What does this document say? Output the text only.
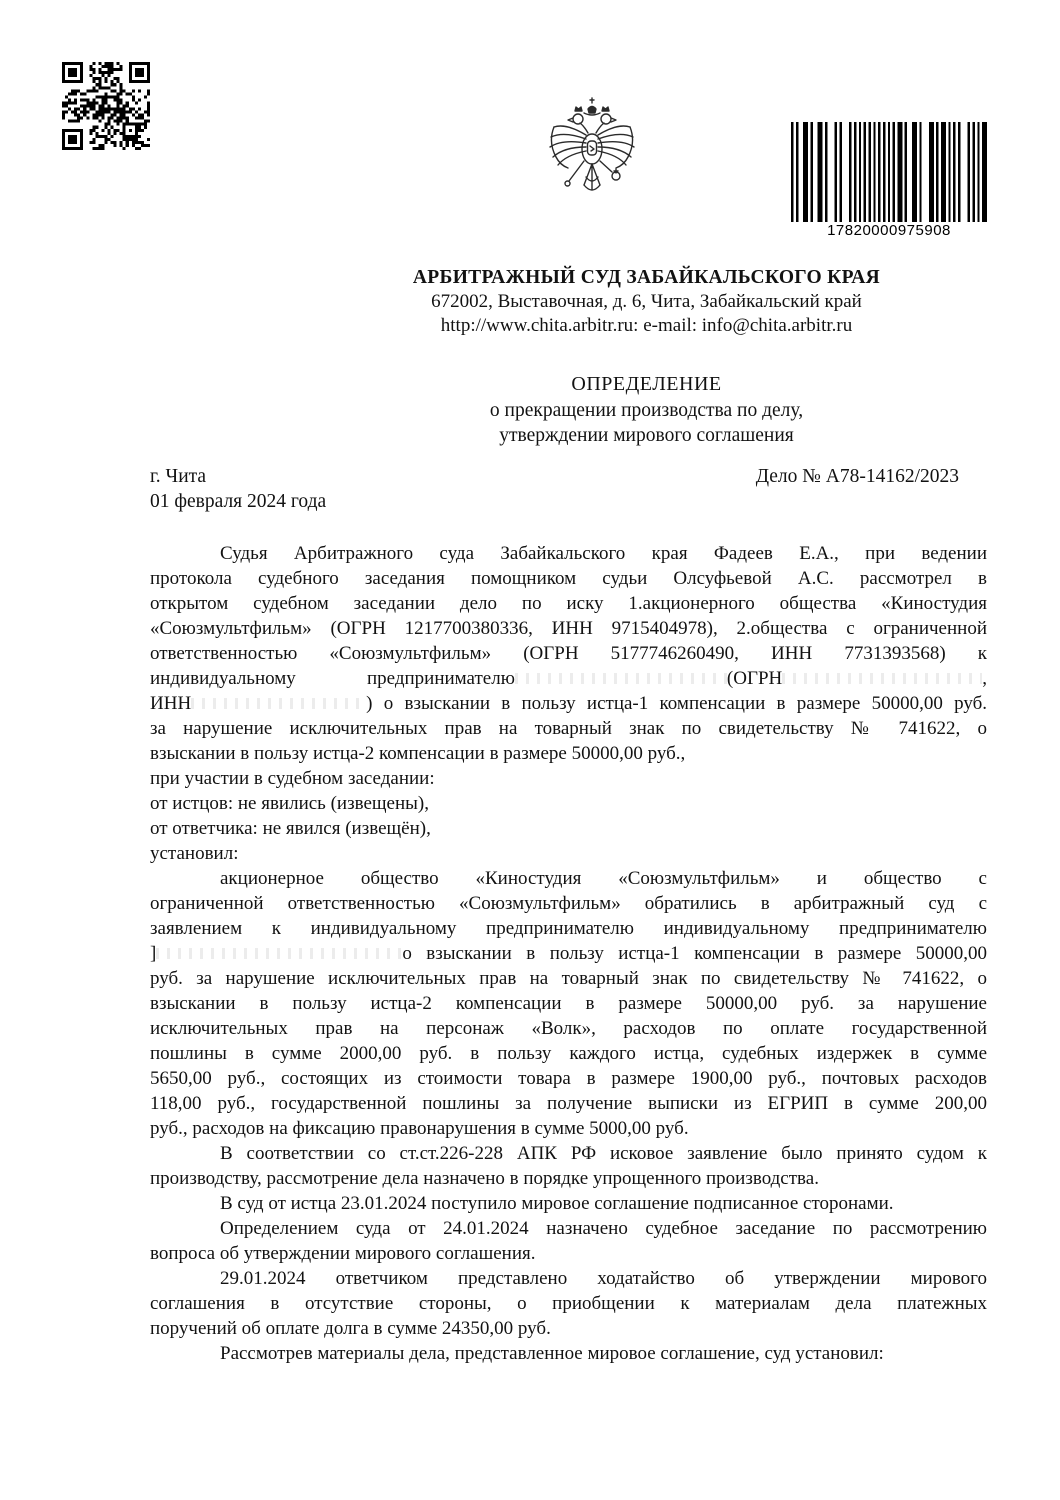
17820000975908
АРБИТРАЖНЫЙ СУД ЗАБАЙКАЛЬСКОГО КРАЯ
672002, Выставочная, д. 6, Чита, Забайкальский край
http://www.chita.arbitr.ru: e-mail: info@chita.arbitr.ru
ОПРЕДЕЛЕНИЕ
о прекращении производства по делу,
утверждении мирового соглашения
г. Чита	Дело № А78-14162/2023
01 февраля 2024 года
Судья Арбитражного суда Забайкальского края Фадеев Е.А., при ведении
протокола судебного заседания помощником судьи Олсуфьевой А.С. рассмотрел в
открытом судебном заседании дело по иску 1.акционерного общества «Киностудия
«Союзмультфильм» (ОГРН 1217700380336, ИНН 9715404978), 2.общества с ограниченной
ответственностью «Союзмультфильм» (ОГРН 5177746260490, ИНН 7731393568) к
индивидуальному предпринимателю	(ОГРН	,
ИНН	) о взыскании в пользу истца-1 компенсации в размере 50000,00 руб.
за нарушение исключительных прав на товарный знак по свидетельству № 741622, о
взыскании в пользу истца-2 компенсации в размере 50000,00 руб.,
при участии в судебном заседании:
от истцов: не явились (извещены),
от ответчика: не явился (извещён),
установил:
акционерное общество «Киностудия «Союзмультфильм» и общество с
ограниченной ответственностью «Союзмультфильм» обратились в арбитражный суд с
заявлением к индивидуальному предпринимателю индивидуальному предпринимателю
]	о взыскании в пользу истца-1 компенсации в размере 50000,00
руб. за нарушение исключительных прав на товарный знак по свидетельству № 741622, о
взыскании в пользу истца-2 компенсации в размере 50000,00 руб. за нарушение
исключительных прав на персонаж «Волк», расходов по оплате государственной
пошлины в сумме 2000,00 руб. в пользу каждого истца, судебных издержек в сумме
5650,00 руб., состоящих из стоимости товара в размере 1900,00 руб., почтовых расходов
118,00 руб., государственной пошлины за получение выписки из ЕГРИП в сумме 200,00
руб., расходов на фиксацию правонарушения в сумме 5000,00 руб.
В соответствии со ст.ст.226-228 АПК РФ исковое заявление было принято судом к
производству, рассмотрение дела назначено в порядке упрощенного производства.
В суд от истца 23.01.2024 поступило мировое соглашение подписанное сторонами.
Определением суда от 24.01.2024 назначено судебное заседание по рассмотрению
вопроса об утверждении мирового соглашения.
29.01.2024 ответчиком представлено ходатайство об утверждении мирового
соглашения в отсутствие стороны, о приобщении к материалам дела платежных
поручений об оплате долга в сумме 24350,00 руб.
Рассмотрев материалы дела, представленное мировое соглашение, суд установил:
